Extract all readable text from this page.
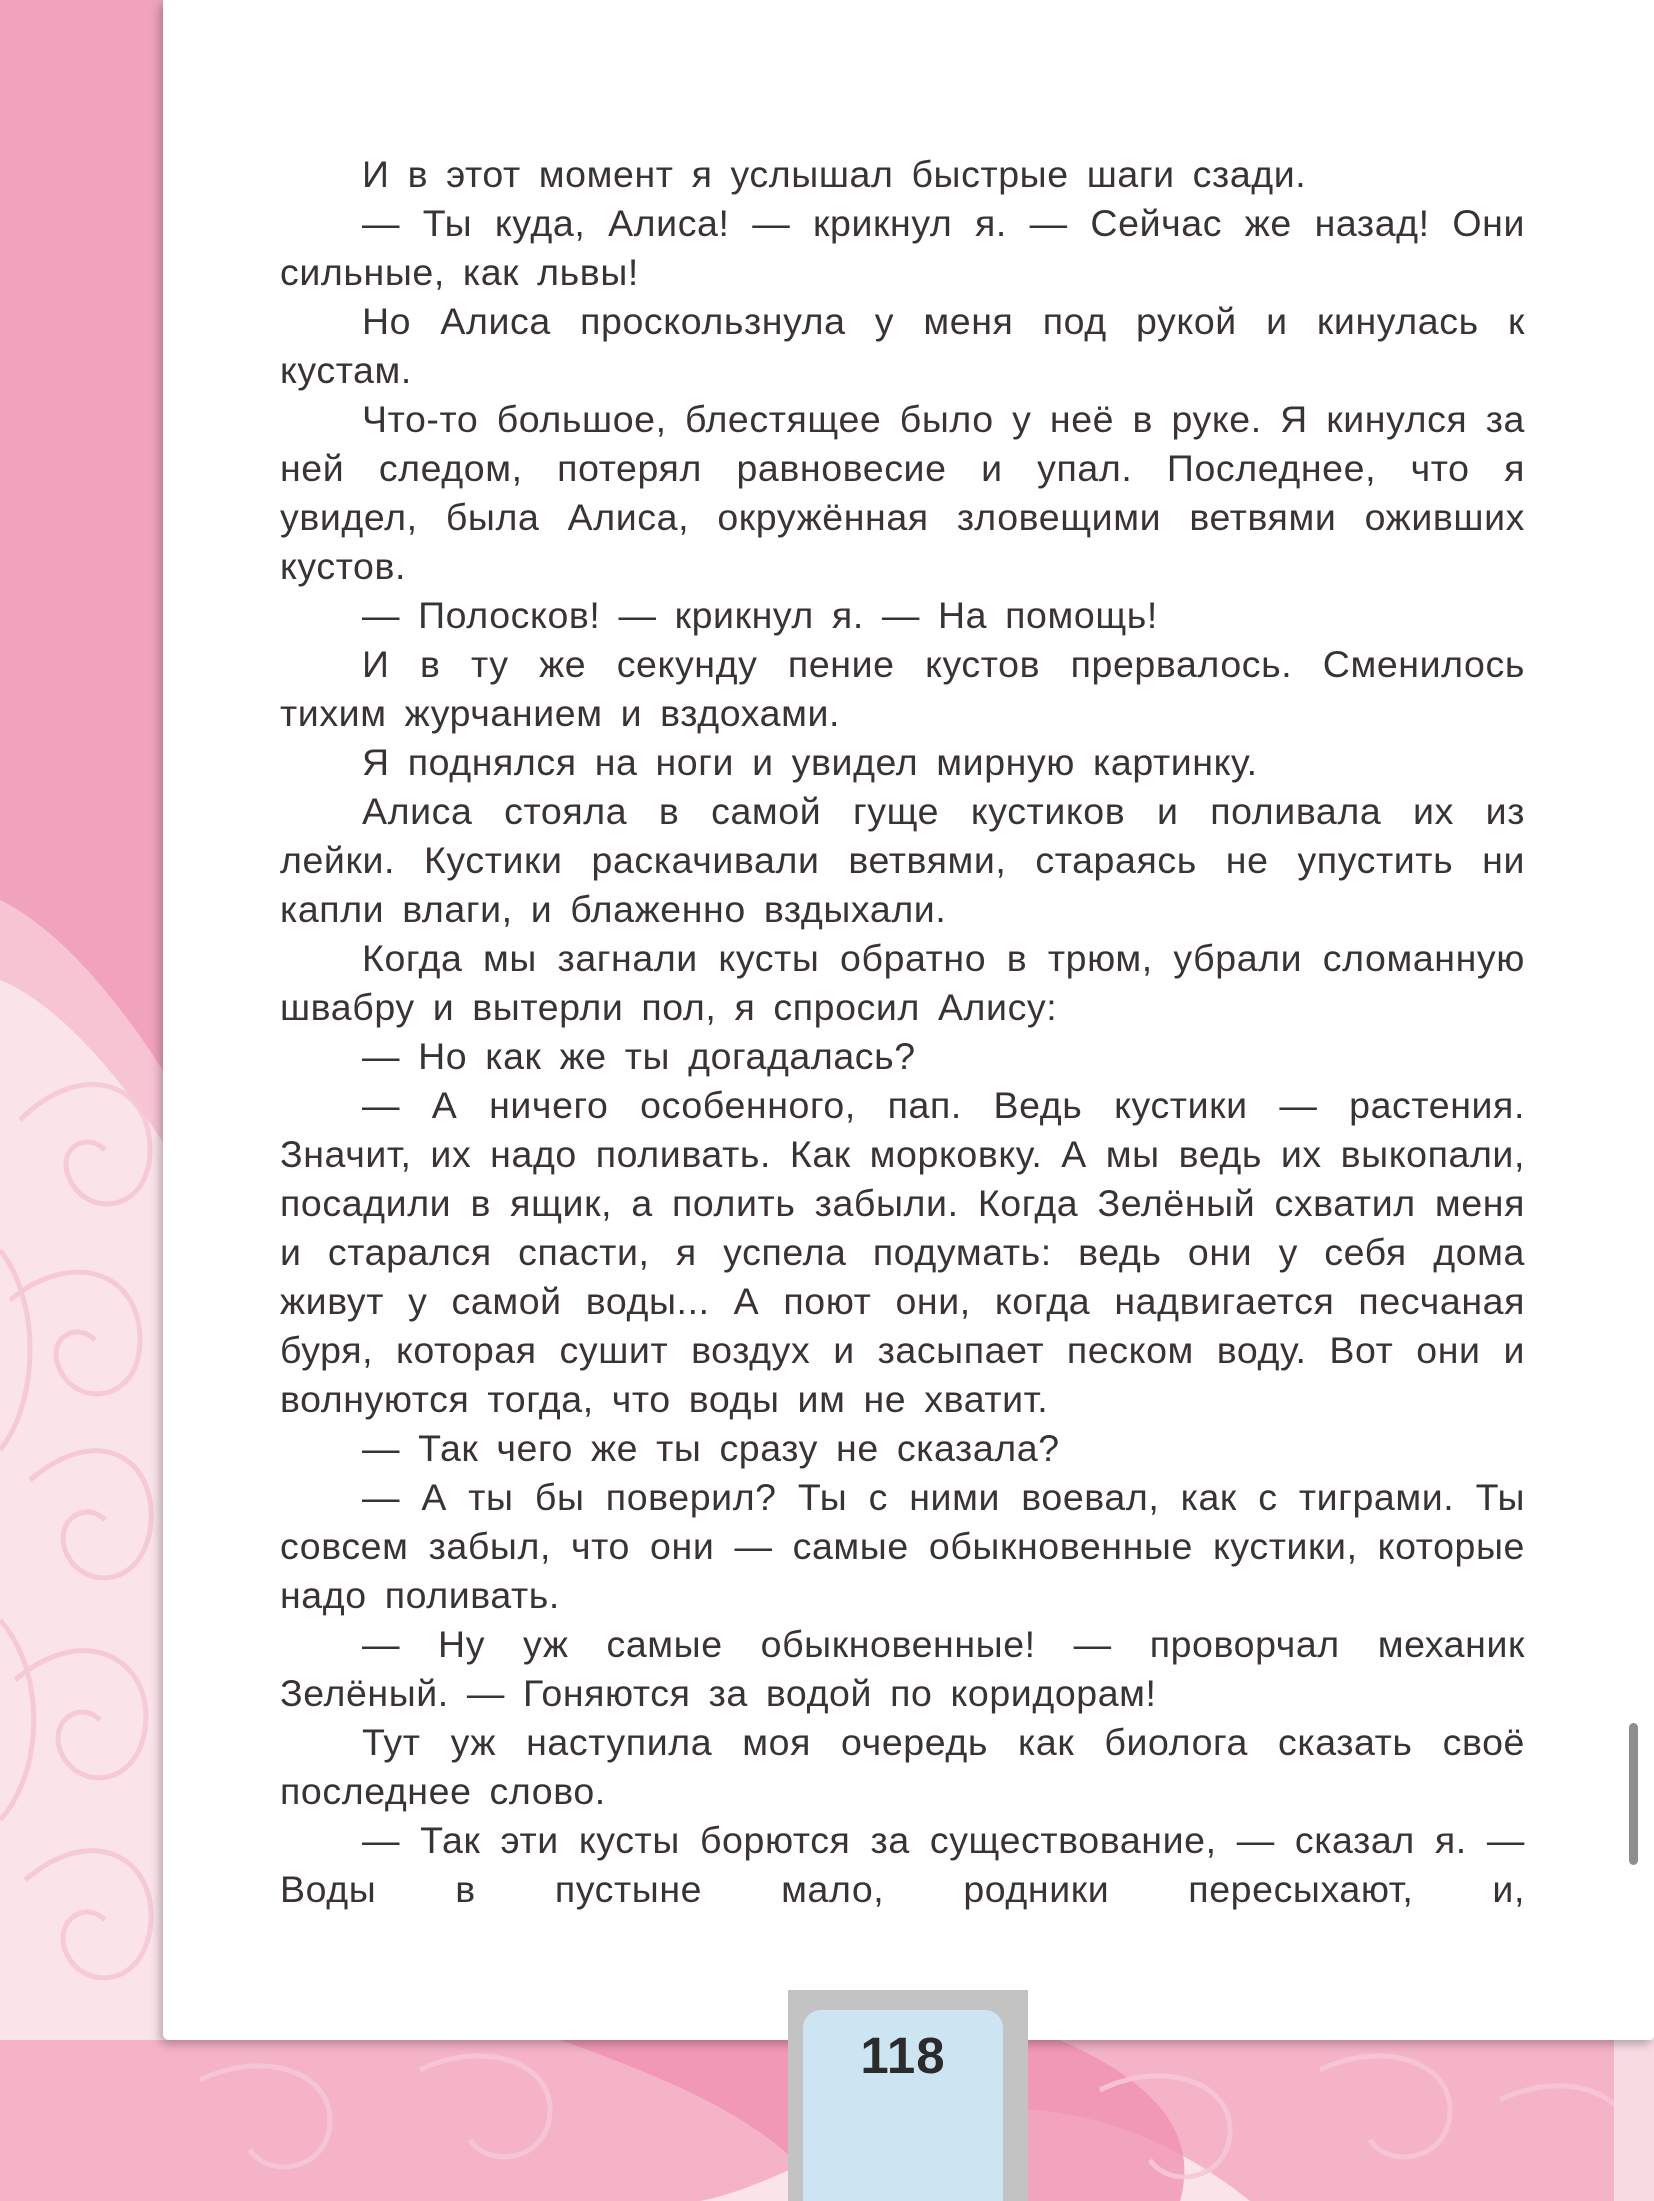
И в этот момент я услышал быстрые шаги сзади.

— Ты куда, Алиса! — крикнул я. — Сейчас же назад! Они сильные, как львы!

Но Алиса проскользнула у меня под рукой и кинулась к кустам.

Что-то большое, блестящее было у неё в руке. Я кинулся за ней следом, потерял равновесие и упал. Последнее, что я увидел, была Алиса, окружённая зловещими ветвями оживших кустов.

— Полосков! — крикнул я. — На помощь!

И в ту же секунду пение кустов прервалось. Сменилось тихим журчанием и вздохами.

Я поднялся на ноги и увидел мирную картинку.

Алиса стояла в самой гуще кустиков и поливала их из лейки. Кустики раскачивали ветвями, стараясь не упустить ни капли влаги, и блаженно вздыхали.

Когда мы загнали кусты обратно в трюм, убрали сломанную швабру и вытерли пол, я спросил Алису:

— Но как же ты догадалась?

— А ничего особенного, пап. Ведь кустики — растения. Значит, их надо поливать. Как морковку. А мы ведь их выкопали, посадили в ящик, а полить забыли. Когда Зелёный схватил меня и старался спасти, я успела подумать: ведь они у себя дома живут у самой воды... А поют они, когда надвигается песчаная буря, которая сушит воздух и засыпает песком воду. Вот они и волнуются тогда, что воды им не хватит.

— Так чего же ты сразу не сказала?

— А ты бы поверил? Ты с ними воевал, как с тиграми. Ты совсем забыл, что они — самые обыкновенные кустики, которые надо поливать.

— Ну уж самые обыкновенные! — проворчал механик Зелёный. — Гоняются за водой по коридорам!

Тут уж наступила моя очередь как биолога сказать своё последнее слово.

— Так эти кусты борются за существование, — сказал я. — Воды в пустыне мало, родники пересыхают, и,

118
